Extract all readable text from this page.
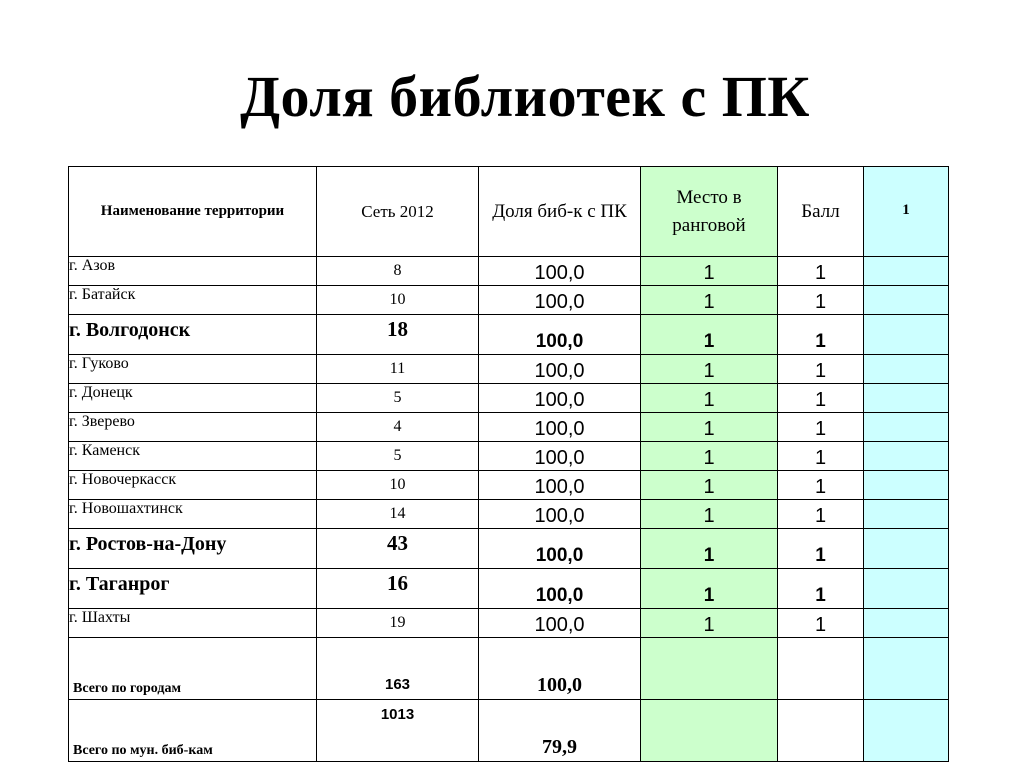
Доля библиотек с ПК
Наименование территории	Сеть 2012	Доля биб-к с ПК	Место в ранговой	Балл	1
г. Азов	8	100,0	1	1	
г. Батайск	10	100,0	1	1	
г. Волгодонск	18	100,0	1	1	
г. Гуково	11	100,0	1	1	
г. Донецк	5	100,0	1	1	
г. Зверево	4	100,0	1	1	
г. Каменск	5	100,0	1	1	
г. Новочеркасск	10	100,0	1	1	
г. Новошахтинск	14	100,0	1	1	
г. Ростов-на-Дону	43	100,0	1	1	
г. Таганрог	16	100,0	1	1	
г. Шахты	19	100,0	1	1	
Всего по городам	163	100,0			
Всего по мун. биб-кам	1013	79,9			
